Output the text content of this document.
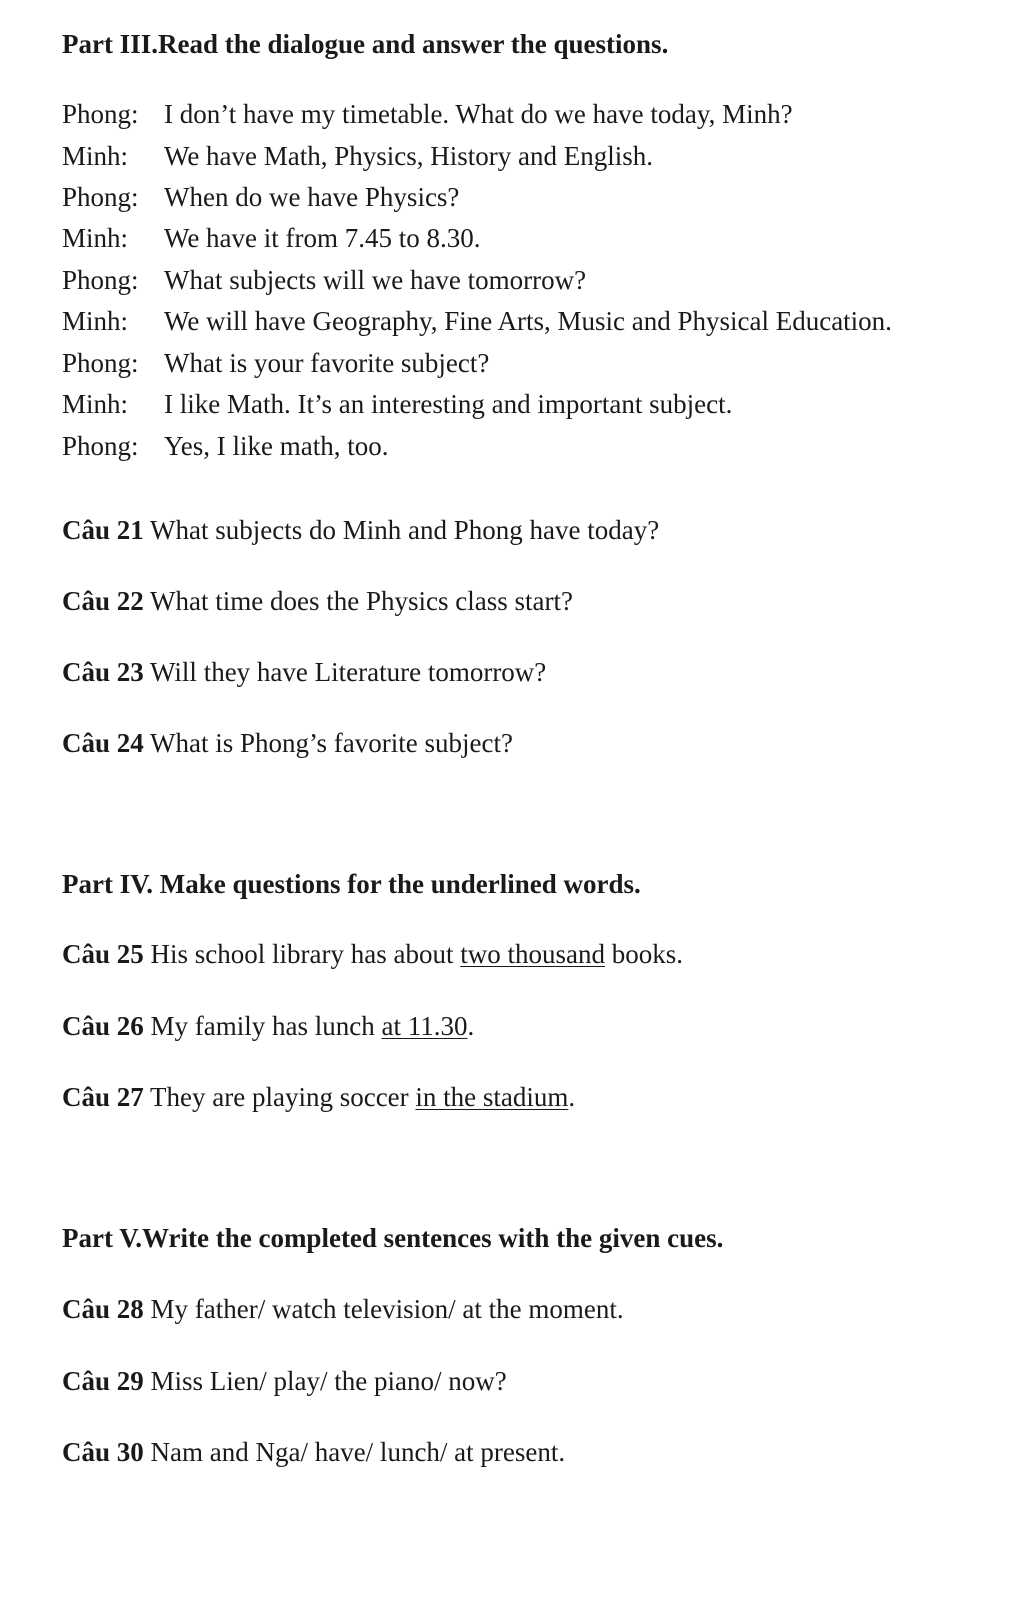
Part III.Read the dialogue and answer the questions.
Phong: I don’t have my timetable. What do we have today, Minh?
Minh: We have Math, Physics, History and English.
Phong: When do we have Physics?
Minh: We have it from 7.45 to 8.30.
Phong: What subjects will we have tomorrow?
Minh: We will have Geography, Fine Arts, Music and Physical Education.
Phong: What is your favorite subject?
Minh: I like Math. It’s an interesting and important subject.
Phong: Yes, I like math, too.
Câu 21 What subjects do Minh and Phong have today?
Câu 22 What time does the Physics class start?
Câu 23 Will they have Literature tomorrow?
Câu 24 What is Phong’s favorite subject?
Part IV. Make questions for the underlined words.
Câu 25 His school library has about two thousand books.
Câu 26 My family has lunch at 11.30.
Câu 27 They are playing soccer in the stadium.
Part V.Write the completed sentences with the given cues.
Câu 28 My father/ watch television/ at the moment.
Câu 29 Miss Lien/ play/ the piano/ now?
Câu 30 Nam and Nga/ have/ lunch/ at present.
